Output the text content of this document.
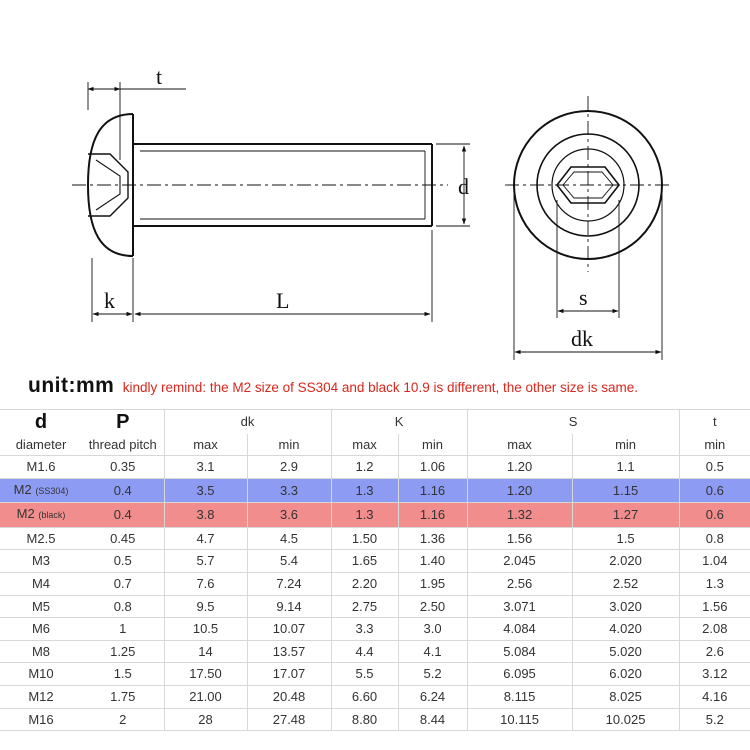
t
d
k	L	s
dk
unit:mm kindly remind: the M2 size of SS304 and black 10.9 is different, the other size is same.
d	P	dk		K		S		t
diameter	thread pitch	max	min	max	min	max	min	min
M1.6	0.35	3.1	2.9	1.2	1.06	1.20	1.1	0.5
M2 (SS304)	0.4	3.5	3.3	1.3	1.16	1.20	1.15	0.6
M2 (black)	0.4	3.8	3.6	1.3	1.16	1.32	1.27	0.6
M2.5	0.45	4.7	4.5	1.50	1.36	1.56	1.5	0.8
M3	0.5	5.7	5.4	1.65	1.40	2.045	2.020	1.04
M4	0.7	7.6	7.24	2.20	1.95	2.56	2.52	1.3
M5	0.8	9.5	9.14	2.75	2.50	3.071	3.020	1.56
M6	1	10.5	10.07	3.3	3.0	4.084	4.020	2.08
M8	1.25	14	13.57	4.4	4.1	5.084	5.020	2.6
M10	1.5	17.50	17.07	5.5	5.2	6.095	6.020	3.12
M12	1.75	21.00	20.48	6.60	6.24	8.115	8.025	4.16
M16	2	28	27.48	8.80	8.44	10.115	10.025	5.2
